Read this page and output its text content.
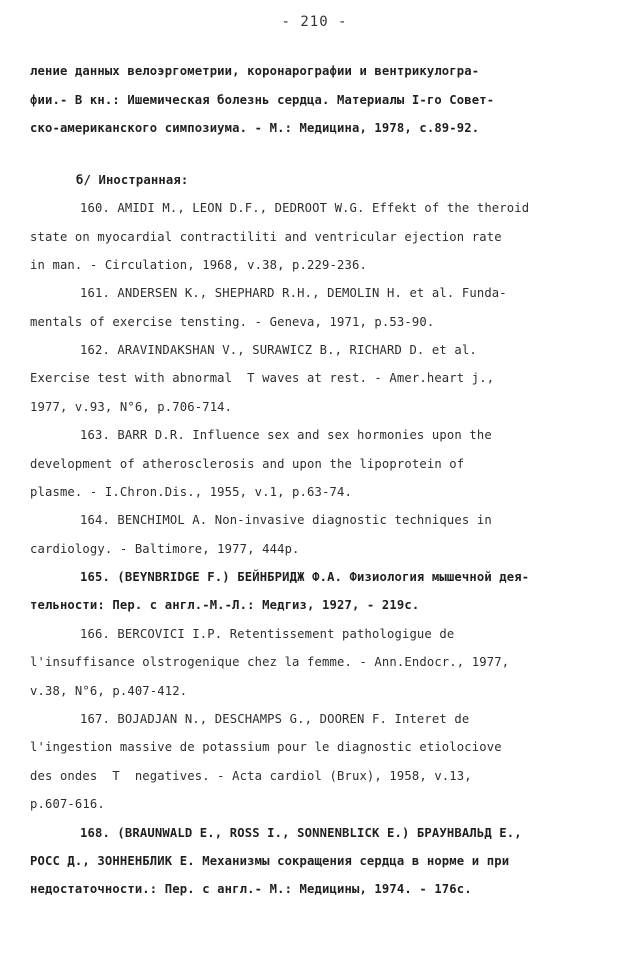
- 210 -
ление данных велоэргометрии, коронарографии и вентрикулогра-
фии.- В кн.: Ишемическая болезнь сердца. Материалы I-го Совет-
ско-американского симпозиума. - М.: Медицина, 1978, с.89-92.
б/ Иностранная:
160. AMIDI M., LEON D.F., DEDROOT W.G. Effekt of the theroid
state on myocardial contractiliti and ventricular ejection rate
in man. - Circulation, 1968, v.38, p.229-236.
161. ANDERSEN K., SHEPHARD R.H., DEMOLIN H. et al. Funda-
mentals of exercise tensting. - Geneva, 1971, p.53-90.
162. ARAVINDAKSHAN V., SURAWICZ B., RICHARD D. et al.
Exercise test with abnormal  T waves at rest. - Amer.heart j.,
1977, v.93, N°6, p.706-714.
163. BARR D.R. Influence sex and sex hormonies upon the
development of atherosclerosis and upon the lipoprotein of
plasme. - I.Chron.Dis., 1955, v.1, p.63-74.
164. BENCHIMOL A. Non-invasive diagnostic techniques in
cardiology. - Baltimore, 1977, 444p.
165. (BEYNBRIDGE F.) БЕЙНБРИДЖ Ф.А. Физиология мышечной дея-
тельности: Пер. с англ.-М.-Л.: Медгиз, 1927, - 219с.
166. BERCOVICI I.P. Retentissement pathologigue de
l'insuffisance olstrogenique chez la femme. - Ann.Endocr., 1977,
v.38, N°6, p.407-412.
167. BOJADJAN N., DESCHAMPS G., DOOREN F. Interet de
l'ingestion massive de potassium pour le diagnostic etiolociove
des ondes  T  negatives. - Acta cardiol (Brux), 1958, v.13,
p.607-616.
168. (BRAUNWALD E., ROSS I., SONNENBLICK E.) БРАУНВАЛЬД Е.,
РОСС Д., ЗОННЕНБЛИК Е. Механизмы сокращения сердца в норме и при
недостаточности.: Пер. с англ.- М.: Медицины, 1974. - 176с.
